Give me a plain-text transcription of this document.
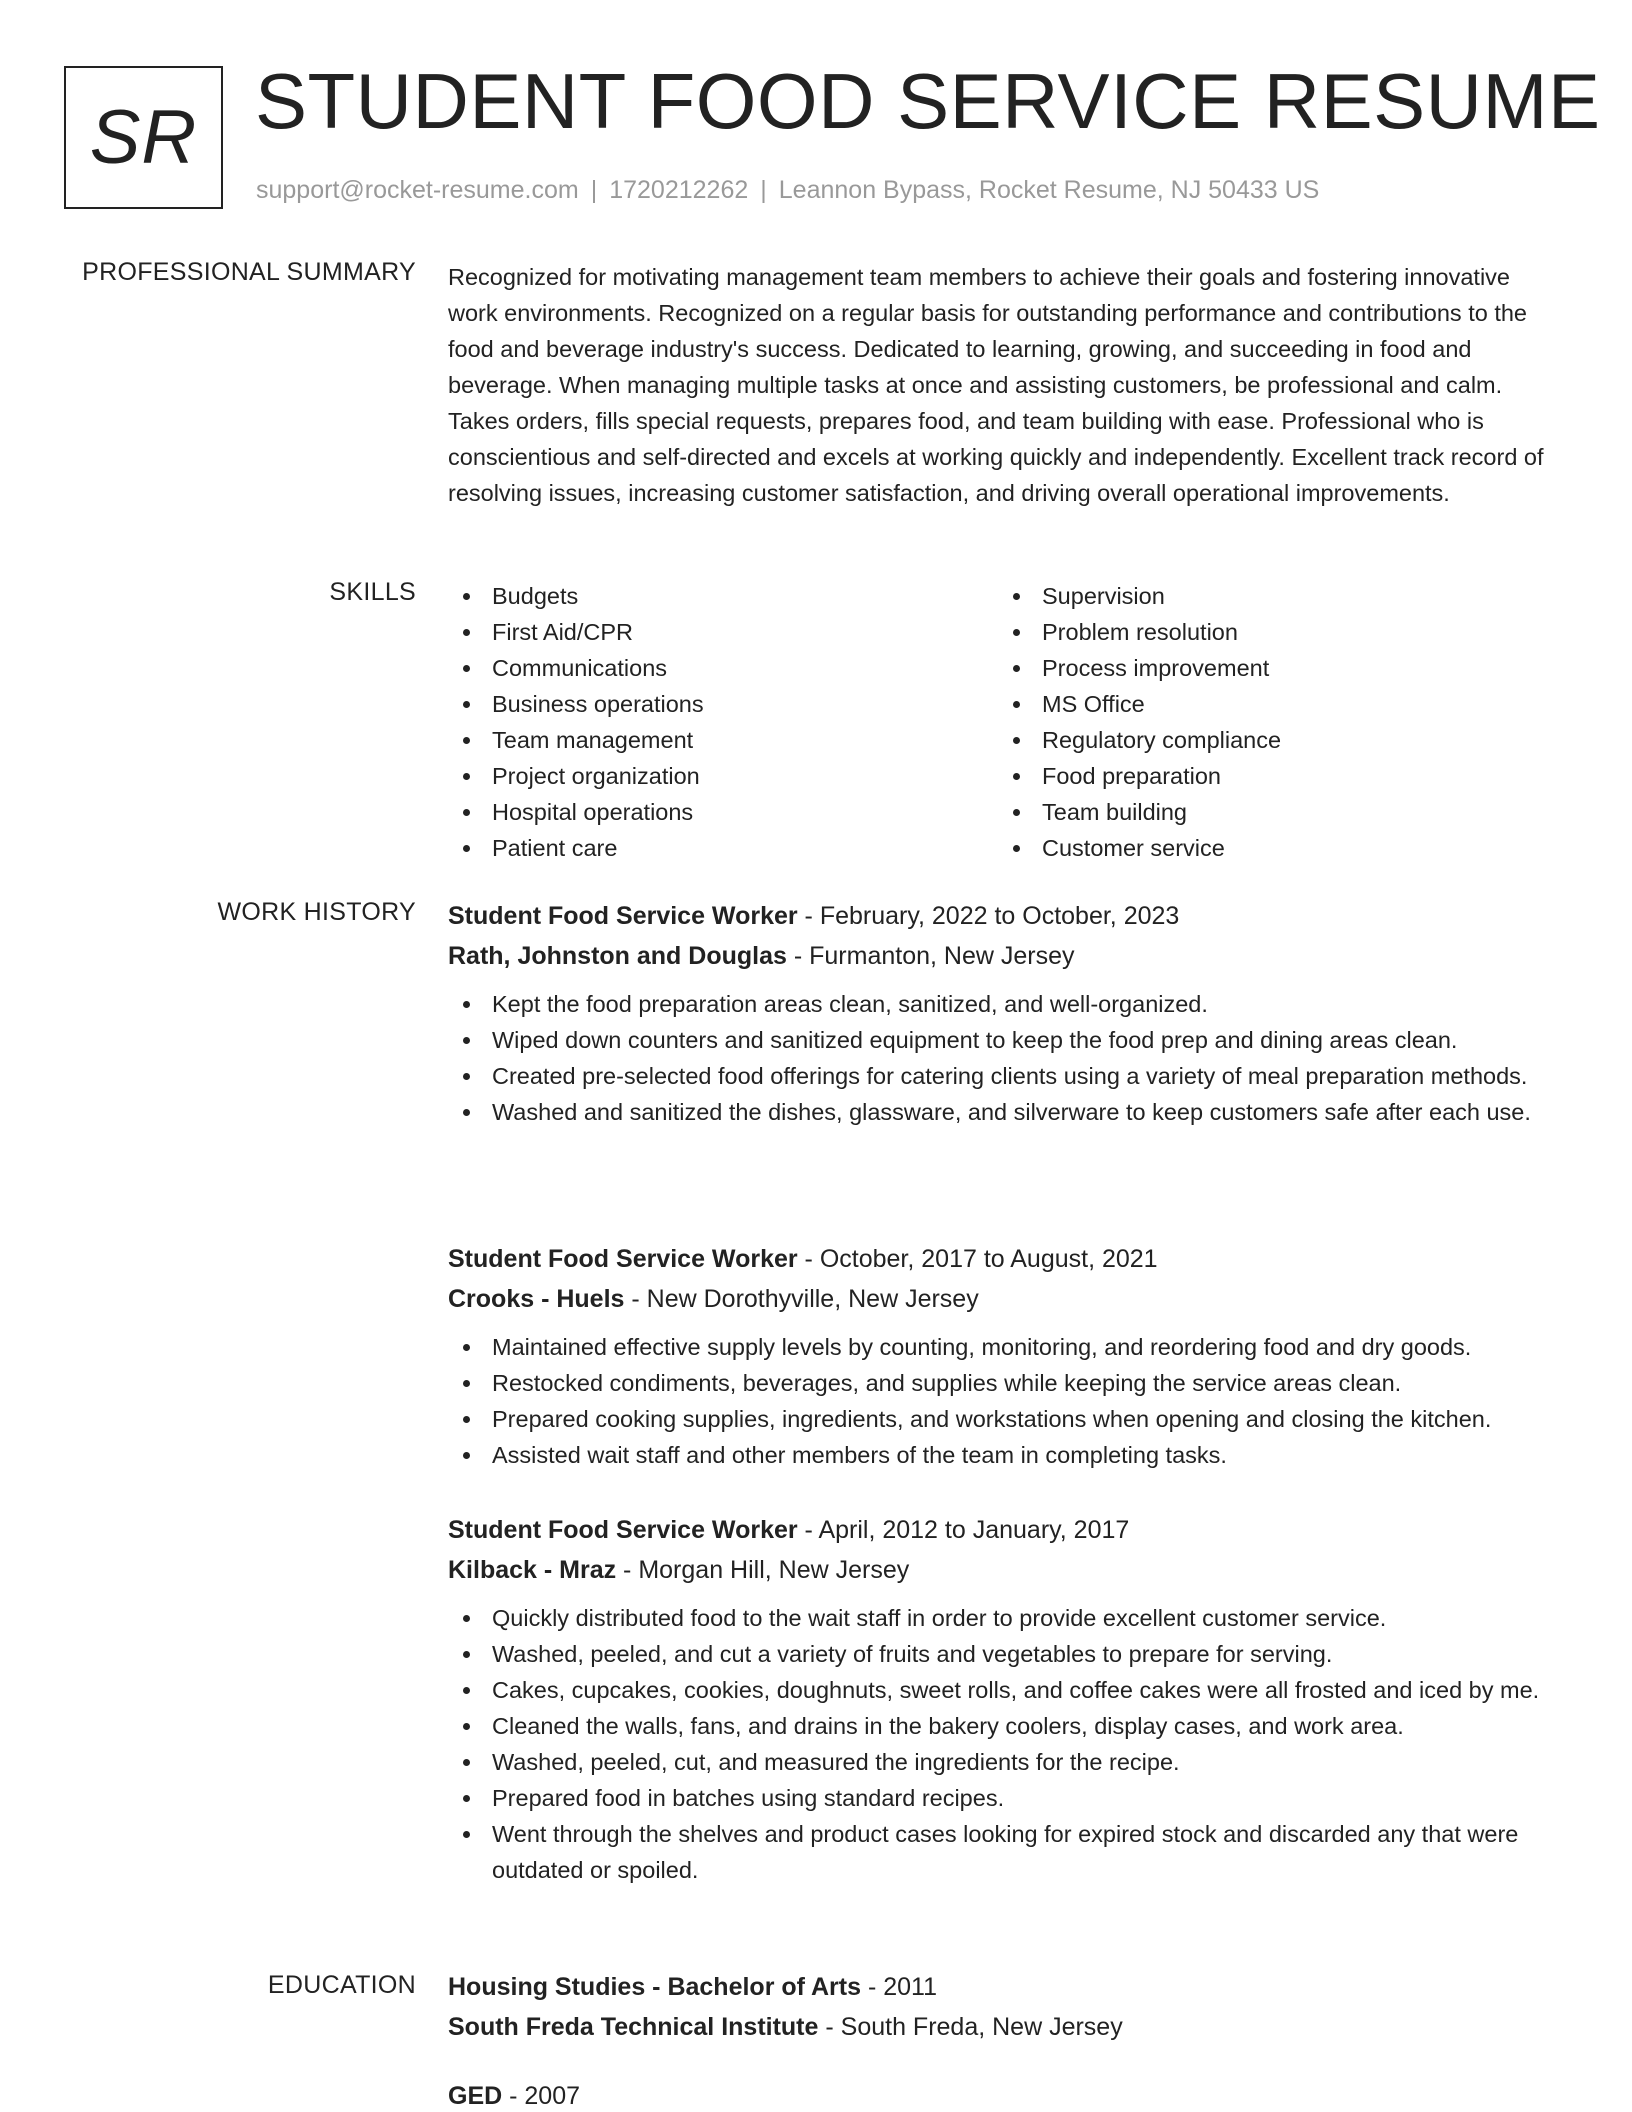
SR STUDENT FOOD SERVICE RESUME
support@rocket-resume.com | 1720212262 | Leannon Bypass, Rocket Resume, NJ 50433 US
PROFESSIONAL SUMMARY Recognized for motivating management team members to achieve their goals and fostering innovative work environments. Recognized on a regular basis for outstanding performance and contributions to the food and beverage industry's success. Dedicated to learning, growing, and succeeding in food and beverage. When managing multiple tasks at once and assisting customers, be professional and calm. Takes orders, fills special requests, prepares food, and team building with ease. Professional who is conscientious and self-directed and excels at working quickly and independently. Excellent track record of resolving issues, increasing customer satisfaction, and driving overall operational improvements.
SKILLS	Budgets
First Aid/CPR
Communications
Business operations
Team management
Project organization
Hospital operations
Patient care
Supervision
Problem resolution
Process improvement
MS Office
Regulatory compliance
Food preparation
Team building
Customer service
WORK HISTORY Student Food Service Worker - February, 2022 to October, 2023
Rath, Johnston and Douglas - Furmanton, New Jersey
Kept the food preparation areas clean, sanitized, and well-organized.
Wiped down counters and sanitized equipment to keep the food prep and dining areas clean.
Created pre-selected food offerings for catering clients using a variety of meal preparation methods.
Washed and sanitized the dishes, glassware, and silverware to keep customers safe after each use.
Student Food Service Worker - October, 2017 to August, 2021
Crooks - Huels - New Dorothyville, New Jersey
Maintained effective supply levels by counting, monitoring, and reordering food and dry goods.
Restocked condiments, beverages, and supplies while keeping the service areas clean.
Prepared cooking supplies, ingredients, and workstations when opening and closing the kitchen.
Assisted wait staff and other members of the team in completing tasks.
Student Food Service Worker - April, 2012 to January, 2017
Kilback - Mraz - Morgan Hill, New Jersey
Quickly distributed food to the wait staff in order to provide excellent customer service.
Washed, peeled, and cut a variety of fruits and vegetables to prepare for serving.
Cakes, cupcakes, cookies, doughnuts, sweet rolls, and coffee cakes were all frosted and iced by me.
Cleaned the walls, fans, and drains in the bakery coolers, display cases, and work area.
Washed, peeled, cut, and measured the ingredients for the recipe.
Prepared food in batches using standard recipes.
Went through the shelves and product cases looking for expired stock and discarded any that were outdated or spoiled.
EDUCATION Housing Studies - Bachelor of Arts - 2011
South Freda Technical Institute - South Freda, New Jersey
GED - 2007
